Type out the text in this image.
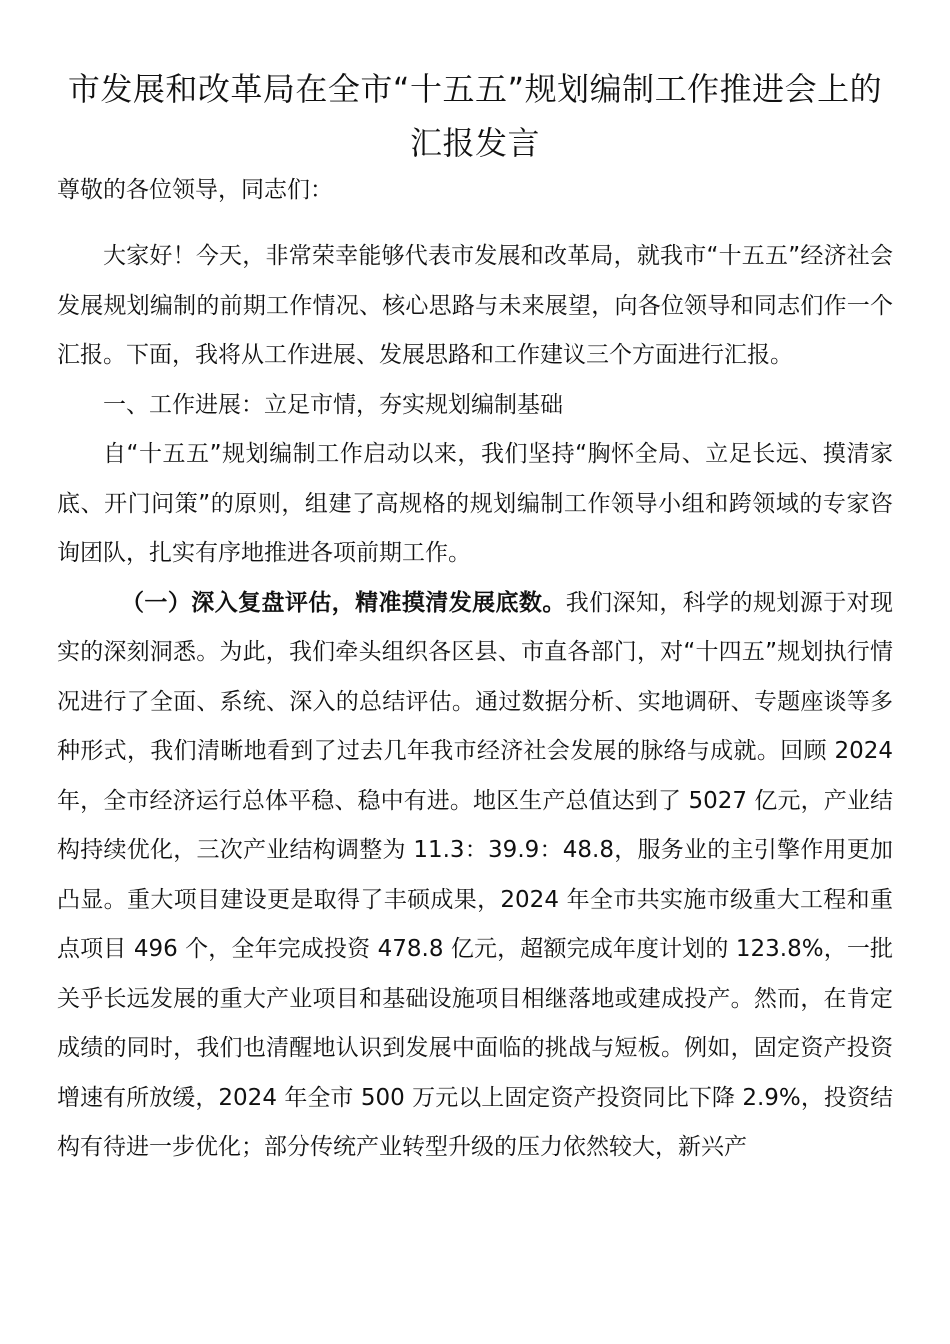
市发展和改革局在全市“十五五”规划编制工作推进会上的汇报发言

尊敬的各位领导，同志们：

大家好！今天，非常荣幸能够代表市发展和改革局，就我市“十五五”经济社会发展规划编制的前期工作情况、核心思路与未来展望，向各位领导和同志们作一个汇报。下面，我将从工作进展、发展思路和工作建议三个方面进行汇报。

一、工作进展：立足市情，夯实规划编制基础

自“十五五”规划编制工作启动以来，我们坚持“胸怀全局、立足长远、摸清家底、开门问策”的原则，组建了高规格的规划编制工作领导小组和跨领域的专家咨询团队，扎实有序地推进各项前期工作。

（一）深入复盘评估，精准摸清发展底数。我们深知，科学的规划源于对现实的深刻洞悉。为此，我们牵头组织各区县、市直各部门，对“十四五”规划执行情况进行了全面、系统、深入的总结评估。通过数据分析、实地调研、专题座谈等多种形式，我们清晰地看到了过去几年我市经济社会发展的脉络与成就。回顾 2024 年，全市经济运行总体平稳、稳中有进。地区生产总值达到了 5027 亿元，产业结构持续优化，三次产业结构调整为 11.3：39.9：48.8，服务业的主引擎作用更加凸显。重大项目建设更是取得了丰硕成果，2024 年全市共实施市级重大工程和重点项目 496 个，全年完成投资 478.8 亿元，超额完成年度计划的 123.8%，一批关乎长远发展的重大产业项目和基础设施项目相继落地或建成投产。然而，在肯定成绩的同时，我们也清醒地认识到发展中面临的挑战与短板。例如，固定资产投资增速有所放缓，2024 年全市 500 万元以上固定资产投资同比下降 2.9%，投资结构有待进一步优化；部分传统产业转型升级的压力依然较大，新兴产
